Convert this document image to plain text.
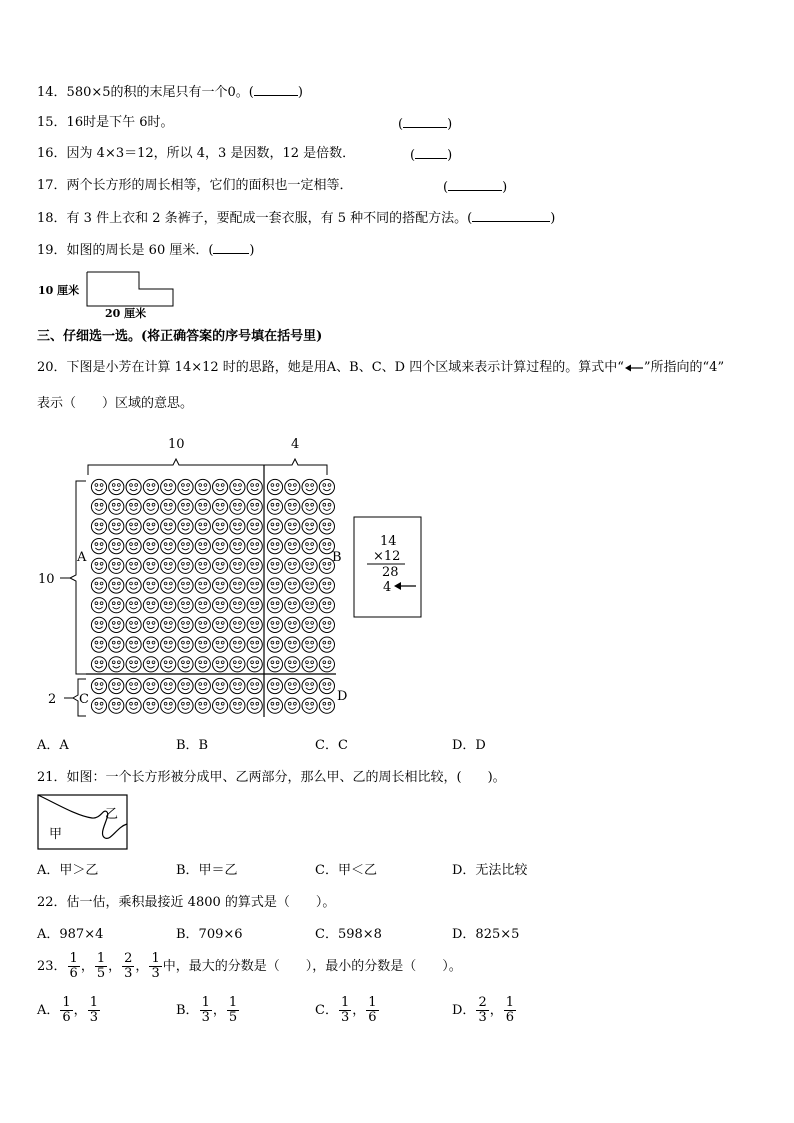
14．580×5的积的末尾只有一个0。(	)
15．16时是下午 6时。	(	)
16．因为 4×3＝12，所以 4，3 是因数，12 是倍数．	( )
17．两个长方形的周长相等，它们的面积也一定相等．	(	)
18．有 3 件上衣和 2 条裤子，要配成一套衣服，有 5 种不同的搭配方法。(	)
19．如图的周长是 60 厘米．(	)
10 厘米
20 厘米
三、仔细选一选。(将正确答案的序号填在括号里)
20．下图是小芳在计算 14×12 时的思路，她是用A、B、C、D 四个区域来表示计算过程的。算式中“ ”所指向的“4”
表示（　　）区域的意思。
10	4
10
2
A	B
C	D
14
×12
28
4
A．A	B．B	C．C	D．D
21．如图：一个长方形被分成甲、乙两部分，那么甲、乙的周长相比较，(　　)。
甲
乙
A．甲＞乙	B．甲＝乙	C．甲＜乙	D．无法比较
22．估一估，乘积最接近 4800 的算式是（　　）。
A．987×4	B．709×6	C．598×8	D．825×5
23． $\frac{1}{6}$ ， $\frac{1}{5}$ ， $\frac{2}{3}$ ， $\frac{1}{3}$ 中，最大的分数是（　　），最小的分数是（　　）。
A． $\frac{1}{6}$ ， $\frac{1}{3}$	B． $\frac{1}{3}$ ， $\frac{1}{5}$	C． $\frac{1}{3}$ ， $\frac{1}{6}$	D． $\frac{2}{3}$ ， $\frac{1}{6}$
